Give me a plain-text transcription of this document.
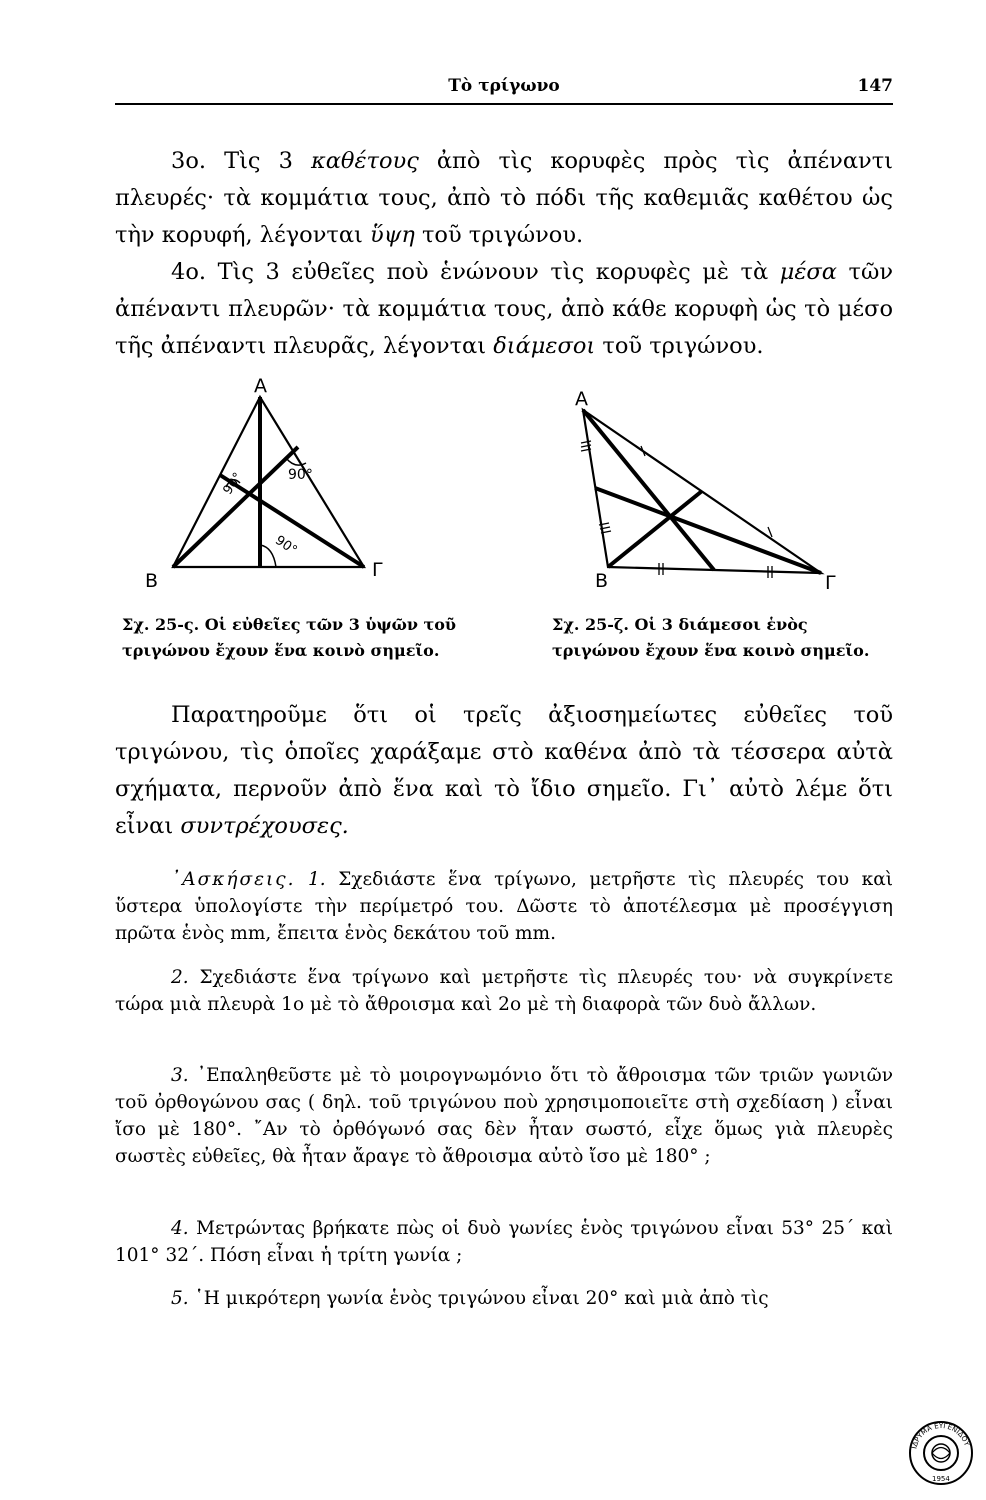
Τὸ τρίγωνο	147
3ο. Τὶς 3 καθέτους ἀπὸ τὶς κορυφὲς πρὸς τὶς ἀπέναντι πλευρές· τὰ κομμάτια τους, ἀπὸ τὸ πόδι τῆς καθεμιᾶς καθέτου ὡς τὴν κορυφή, λέγονται ὕψη τοῦ τριγώνου.
4ο. Τὶς 3 εὐθεῖες ποὺ ἑνώνουν τὶς κορυφὲς μὲ τὰ μέσα τῶν ἀπέναντι πλευρῶν· τὰ κομμάτια τους, ἀπὸ κάθε κορυφὴ ὡς τὸ μέσο τῆς ἀπέναντι πλευρᾶς, λέγονται διάμεσοι τοῦ τριγώνου.
Α
Β	Γ
90°
90°
90°
Α
Β	Γ
Σχ. 25-ς. Οἱ εὐθεῖες τῶν 3 ὑψῶν τοῦ τριγώνου ἔχουν ἕνα κοινὸ σημεῖο.
Σχ. 25-ζ. Οἱ 3 διάμεσοι ἑνὸς τριγώνου ἔχουν ἕνα κοινὸ σημεῖο.
Παρατηροῦμε ὅτι οἱ τρεῖς ἀξιοσημείωτες εὐθεῖες τοῦ τριγώνου, τὶς ὁποῖες χαράξαμε στὸ καθένα ἀπὸ τὰ τέσσερα αὐτὰ σχήματα, περνοῦν ἀπὸ ἕνα καὶ τὸ ἴδιο σημεῖο. Γι᾽ αὐτὸ λέμε ὅτι εἶναι συντρέχουσες.
᾽Ασκήσεις. 1. Σχεδιάστε ἕνα τρίγωνο, μετρῆστε τὶς πλευρές του καὶ ὕστερα ὑπολογίστε τὴν περίμετρό του. Δῶστε τὸ ἀποτέλεσμα μὲ προσέγγιση πρῶτα ἑνὸς mm, ἔπειτα ἑνὸς δεκάτου τοῦ mm.
2. Σχεδιάστε ἕνα τρίγωνο καὶ μετρῆστε τὶς πλευρές του· νὰ συγκρίνετε τώρα μιὰ πλευρὰ 1ο μὲ τὸ ἄθροισμα καὶ 2ο μὲ τὴ διαφορὰ τῶν δυὸ ἄλλων.
3. ᾽Επαληθεῦστε μὲ τὸ μοιρογνωμόνιο ὅτι τὸ ἄθροισμα τῶν τριῶν γωνιῶν τοῦ ὀρθογώνου σας ( δηλ. τοῦ τριγώνου ποὺ χρησιμοποιεῖτε στὴ σχεδίαση ) εἶναι ἴσο μὲ 180°. ῎Αν τὸ ὀρθόγωνό σας δὲν ἦταν σωστό, εἶχε ὅμως γιὰ πλευρὲς σωστὲς εὐθεῖες, θὰ ἦταν ἄραγε τὸ ἄθροισμα αὐτὸ ἴσο μὲ 180° ;
4. Μετρώντας βρήκατε πὼς οἱ δυὸ γωνίες ἑνὸς τριγώνου εἶναι 53° 25΄ καὶ 101° 32΄. Πόση εἶναι ἡ τρίτη γωνία ;
5. ῾Η μικρότερη γωνία ἑνὸς τριγώνου εἶναι 20° καὶ μιὰ ἀπὸ τὶς
ΙΔΡΥΜΑ ΕΥΓΕΝΙΔΟΥ
1954
